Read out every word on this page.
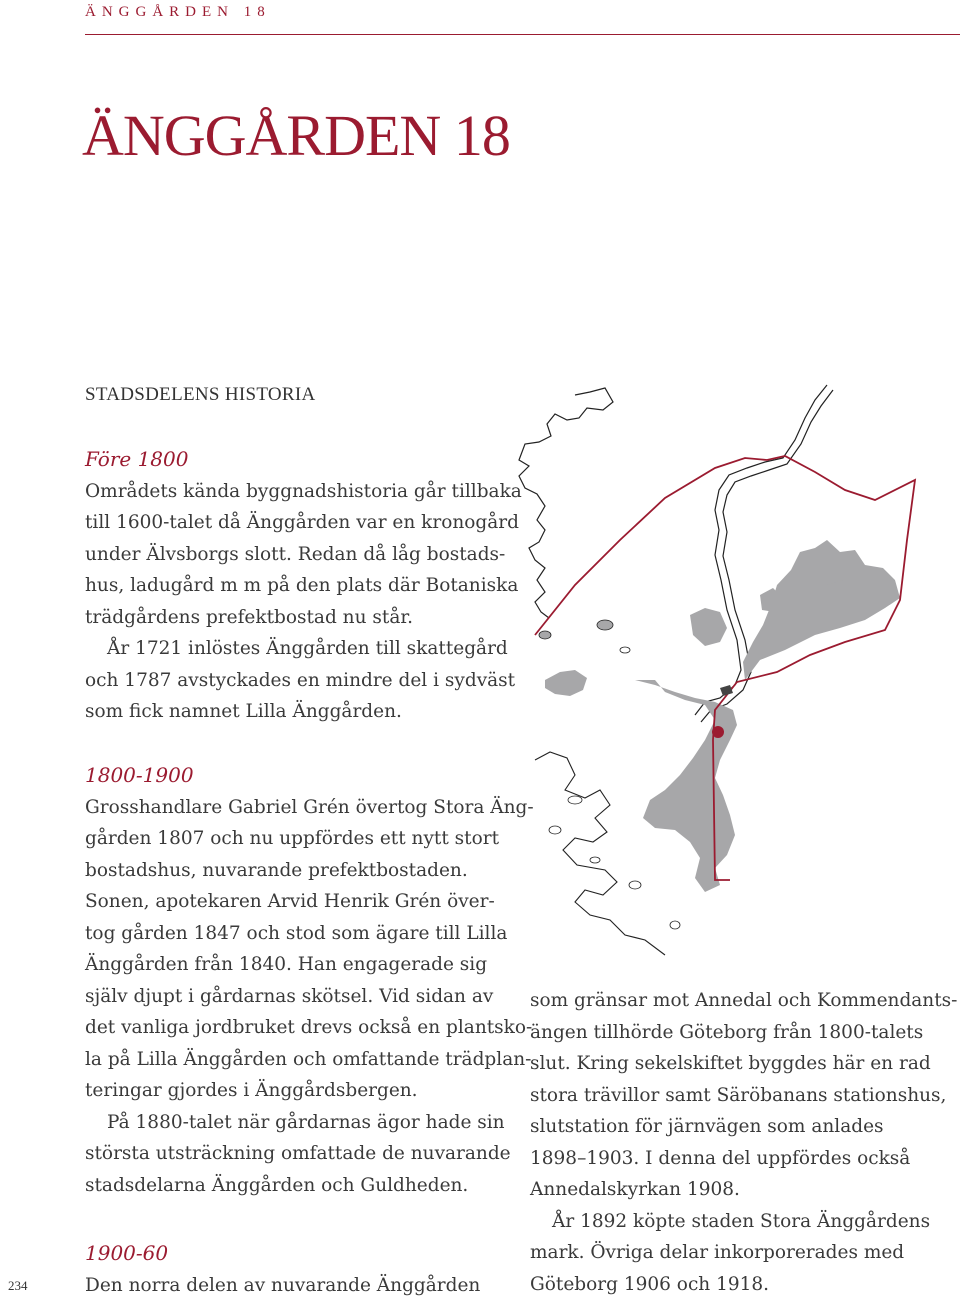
ÄNGGÅRDEN 18
ÄNGGÅRDEN 18
STADSDELENS HISTORIA
Före 1800
Områdets kända byggnadshistoria går tillbaka
till 1600-talet då Änggården var en kronogård
under Älvsborgs slott. Redan då låg bostads-
hus, ladugård m m på den plats där Botaniska
trädgårdens prefektbostad nu står.
År 1721 inlöstes Änggården till skattegård
och 1787 avstyckades en mindre del i sydväst
som fick namnet Lilla Änggården.
1800-1900
Grosshandlare Gabriel Grén övertog Stora Äng-
gården 1807 och nu uppfördes ett nytt stort
bostadshus, nuvarande prefektbostaden.
Sonen, apotekaren Arvid Henrik Grén över-
tog gården 1847 och stod som ägare till Lilla
Änggården från 1840. Han engagerade sig
själv djupt i gårdarnas skötsel. Vid sidan av
det vanliga jordbruket drevs också en plantsko-
la på Lilla Änggården och omfattande trädplan-
teringar gjordes i Änggårdsbergen.
På 1880-talet när gårdarnas ägor hade sin
största utsträckning omfattade de nuvarande
stadsdelarna Änggården och Guldheden.
1900-60
Den norra delen av nuvarande Änggården
som gränsar mot Annedal och Kommendants-
ängen tillhörde Göteborg från 1800-talets
slut. Kring sekelskiftet byggdes här en rad
stora trävillor samt Säröbanans stationshus,
slutstation för järnvägen som anlades
1898–1903. I denna del uppfördes också
Annedalskyrkan 1908.
År 1892 köpte staden Stora Änggårdens
mark. Övriga delar inkorporerades med
Göteborg 1906 och 1918.
234
